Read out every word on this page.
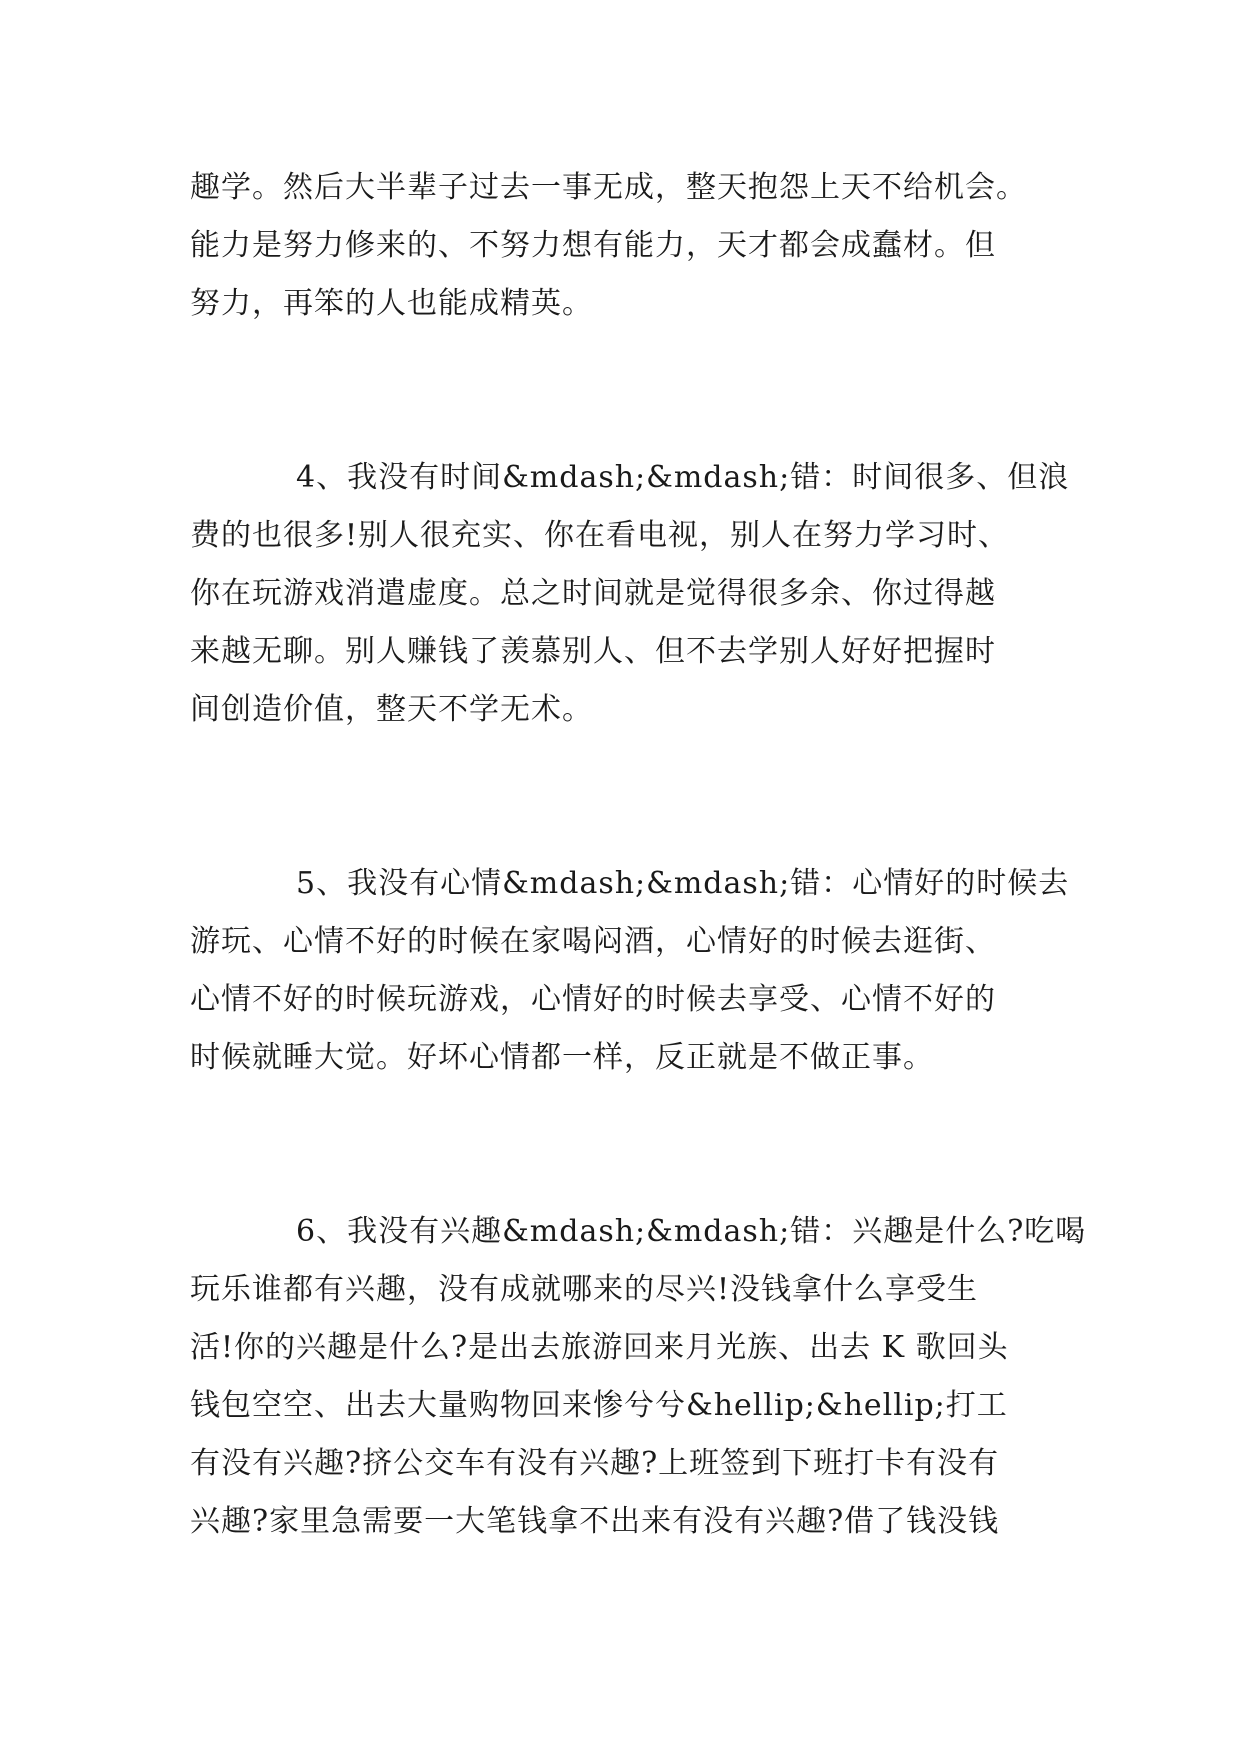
趣学。然后大半辈子过去一事无成，整天抱怨上天不给机会。
能力是努力修来的、不努力想有能力，天才都会成蠢材。但
努力，再笨的人也能成精英。
4、我没有时间&mdash;&mdash;错：时间很多、但浪
费的也很多!别人很充实、你在看电视，别人在努力学习时、
你在玩游戏消遣虚度。总之时间就是觉得很多余、你过得越
来越无聊。别人赚钱了羡慕别人、但不去学别人好好把握时
间创造价值，整天不学无术。
5、我没有心情&mdash;&mdash;错：心情好的时候去
游玩、心情不好的时候在家喝闷酒，心情好的时候去逛街、
心情不好的时候玩游戏，心情好的时候去享受、心情不好的
时候就睡大觉。好坏心情都一样，反正就是不做正事。
6、我没有兴趣&mdash;&mdash;错：兴趣是什么?吃喝
玩乐谁都有兴趣，没有成就哪来的尽兴!没钱拿什么享受生
活!你的兴趣是什么?是出去旅游回来月光族、出去 K 歌回头
钱包空空、出去大量购物回来惨兮兮&hellip;&hellip;打工
有没有兴趣?挤公交车有没有兴趣?上班签到下班打卡有没有
兴趣?家里急需要一大笔钱拿不出来有没有兴趣?借了钱没钱
